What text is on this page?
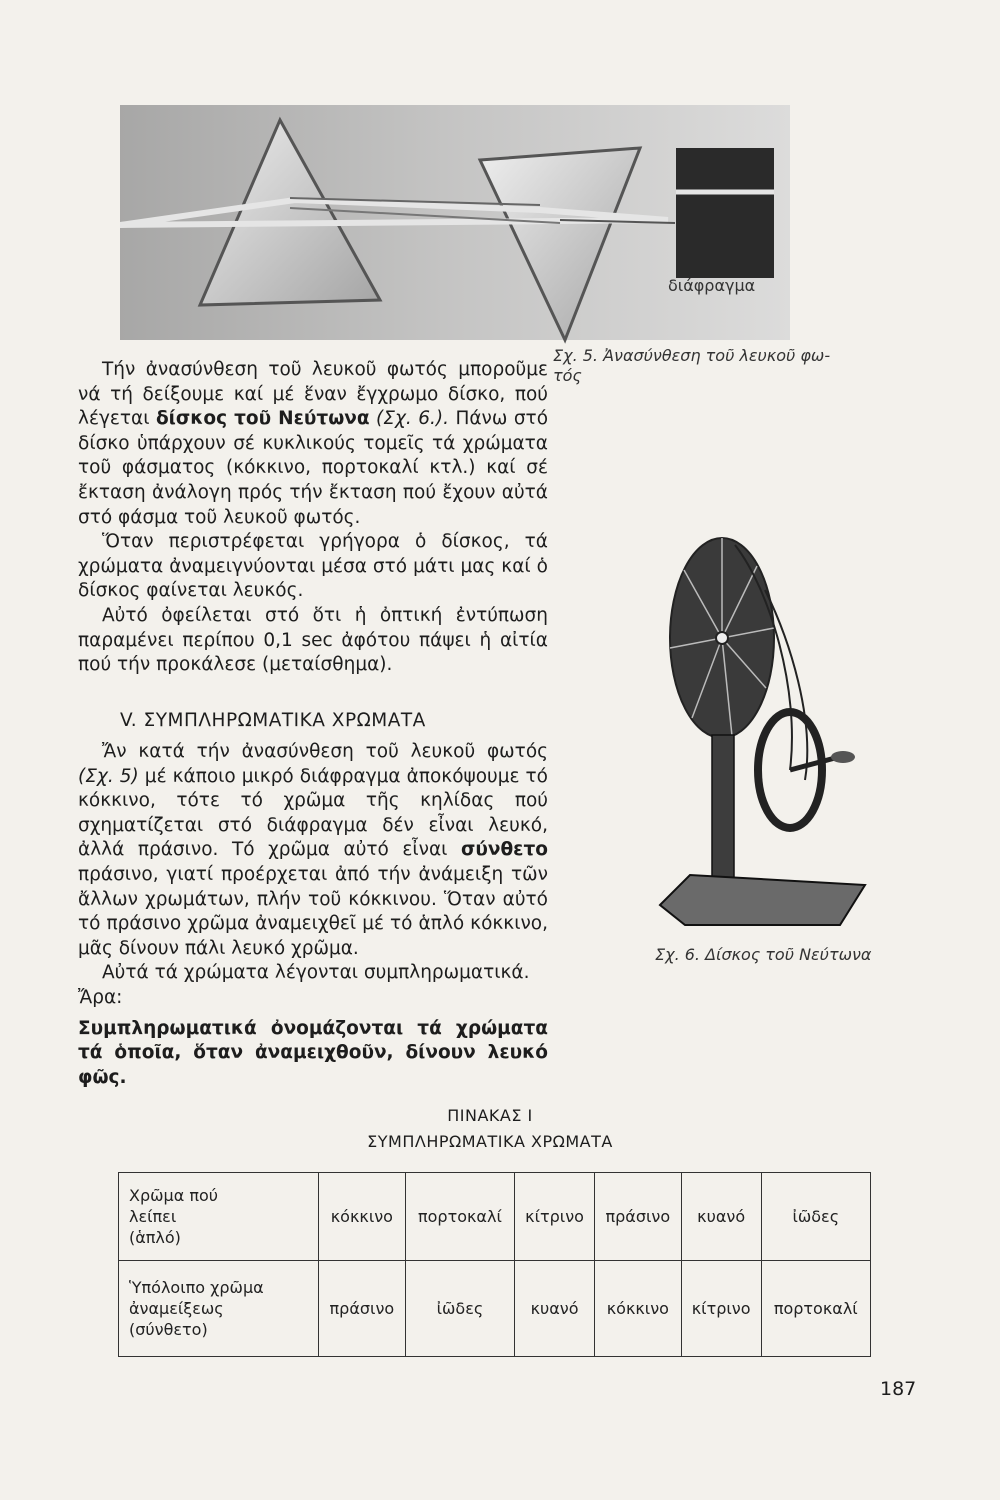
διάφραγμα
Σχ. 5. Ἀνασύνθεση τοῦ λευκοῦ φω-
τός

Τήν ἀνασύνθεση τοῦ λευκοῦ φωτός μποροῦμε νά τή δείξουμε καί μέ ἕναν ἔγχρωμο δίσκο, πού λέγεται δίσκος τοῦ Νεύτωνα (Σχ. 6.). Πάνω στό δίσκο ὑπάρχουν σέ κυκλικούς τομεῖς τά χρώματα τοῦ φάσματος (κόκκινο, πορτοκαλί κτλ.) καί σέ ἔκταση ἀνάλογη πρός τήν ἔκταση πού ἔχουν αὐτά στό φάσμα τοῦ λευκοῦ φωτός.

Ὅταν περιστρέφεται γρήγορα ὁ δίσκος, τά χρώματα ἀναμειγνύονται μέσα στό μάτι μας καί ὁ δίσκος φαίνεται λευκός.

Αὐτό ὀφείλεται στό ὅτι ἡ ὀπτική ἐντύπωση παραμένει περίπου 0,1 sec ἀφότου πάψει ἡ αἰτία πού τήν προκάλεσε (μεταίσθημα).

V. ΣΥΜΠΛΗΡΩΜΑΤΙΚΑ ΧΡΩΜΑΤΑ

Ἄν κατά τήν ἀνασύνθεση τοῦ λευκοῦ φωτός (Σχ. 5) μέ κάποιο μικρό διάφραγμα ἀποκόψουμε τό κόκκινο, τότε τό χρῶμα τῆς κηλίδας πού σχηματίζεται στό διάφραγμα δέν εἶναι λευκό, ἀλλά πράσινο. Τό χρῶμα αὐτό εἶναι σύνθετο πράσινο, γιατί προέρχεται ἀπό τήν ἀνάμειξη τῶν ἄλλων χρωμάτων, πλήν τοῦ κόκκινου. Ὅταν αὐτό τό πράσινο χρῶμα ἀναμειχθεῖ μέ τό ἁπλό κόκκινο, μᾶς δίνουν πάλι λευκό χρῶμα.

Αὐτά τά χρώματα λέγονται συμπληρωματικά.

Ἄρα:

Συμπληρωματικά ὀνομάζονται τά χρώματα τά ὁποῖα, ὅταν ἀναμειχθοῦν, δίνουν λευκό φῶς.

Σχ. 6. Δίσκος τοῦ Νεύτωνα
ΠΙΝΑΚΑΣ Ι
ΣΥΜΠΛΗΡΩΜΑΤΙΚΑ ΧΡΩΜΑΤΑ
Χρῶμα πού
λείπει
(ἁπλό)	κόκκινο	πορτοκαλί	κίτρινο	πράσινο	κυανό	ἰῶδες
Ὑπόλοιπο χρῶμα
ἀναμείξεως
(σύνθετο)	πράσινο	ἰῶδες	κυανό	κόκκινο	κίτρινο	πορτοκαλί
187
